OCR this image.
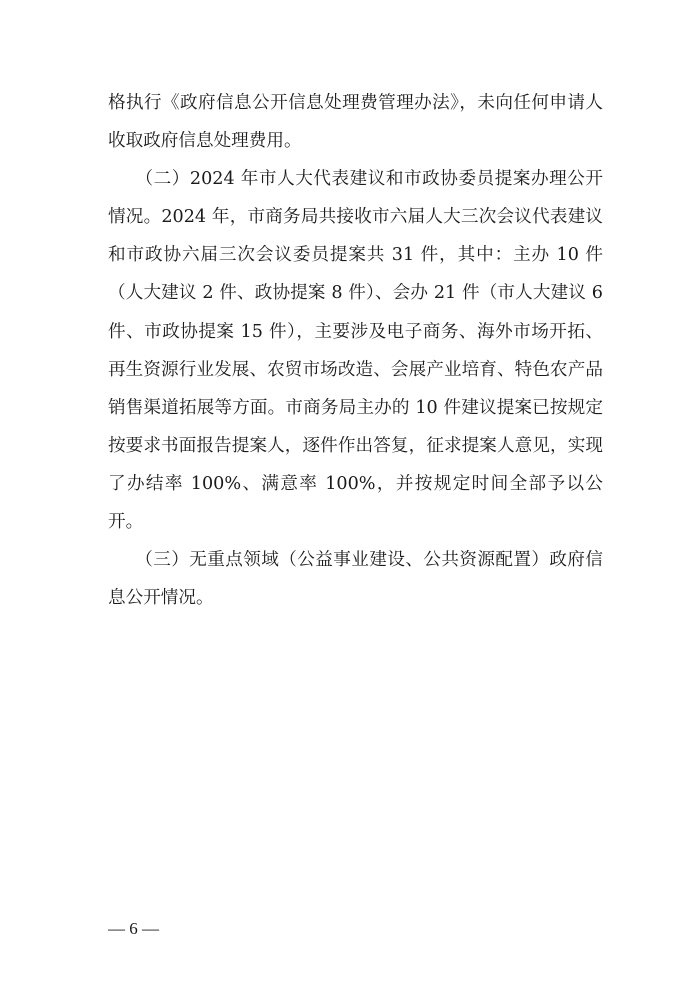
格执行《政府信息公开信息处理费管理办法》，未向任何申请人收取政府信息处理费用。

　　（二）2024 年市人大代表建议和市政协委员提案办理公开情况。2024 年，市商务局共接收市六届人大三次会议代表建议和市政协六届三次会议委员提案共 31 件，其中：主办 10 件（人大建议 2 件、政协提案 8 件）、会办 21 件（市人大建议 6 件、市政协提案 15 件），主要涉及电子商务、海外市场开拓、再生资源行业发展、农贸市场改造、会展产业培育、特色农产品销售渠道拓展等方面。市商务局主办的 10 件建议提案已按规定按要求书面报告提案人，逐件作出答复，征求提案人意见，实现了办结率 100%、满意率 100%，并按规定时间全部予以公开。

　　（三）无重点领域（公益事业建设、公共资源配置）政府信息公开情况。

— 6 —
